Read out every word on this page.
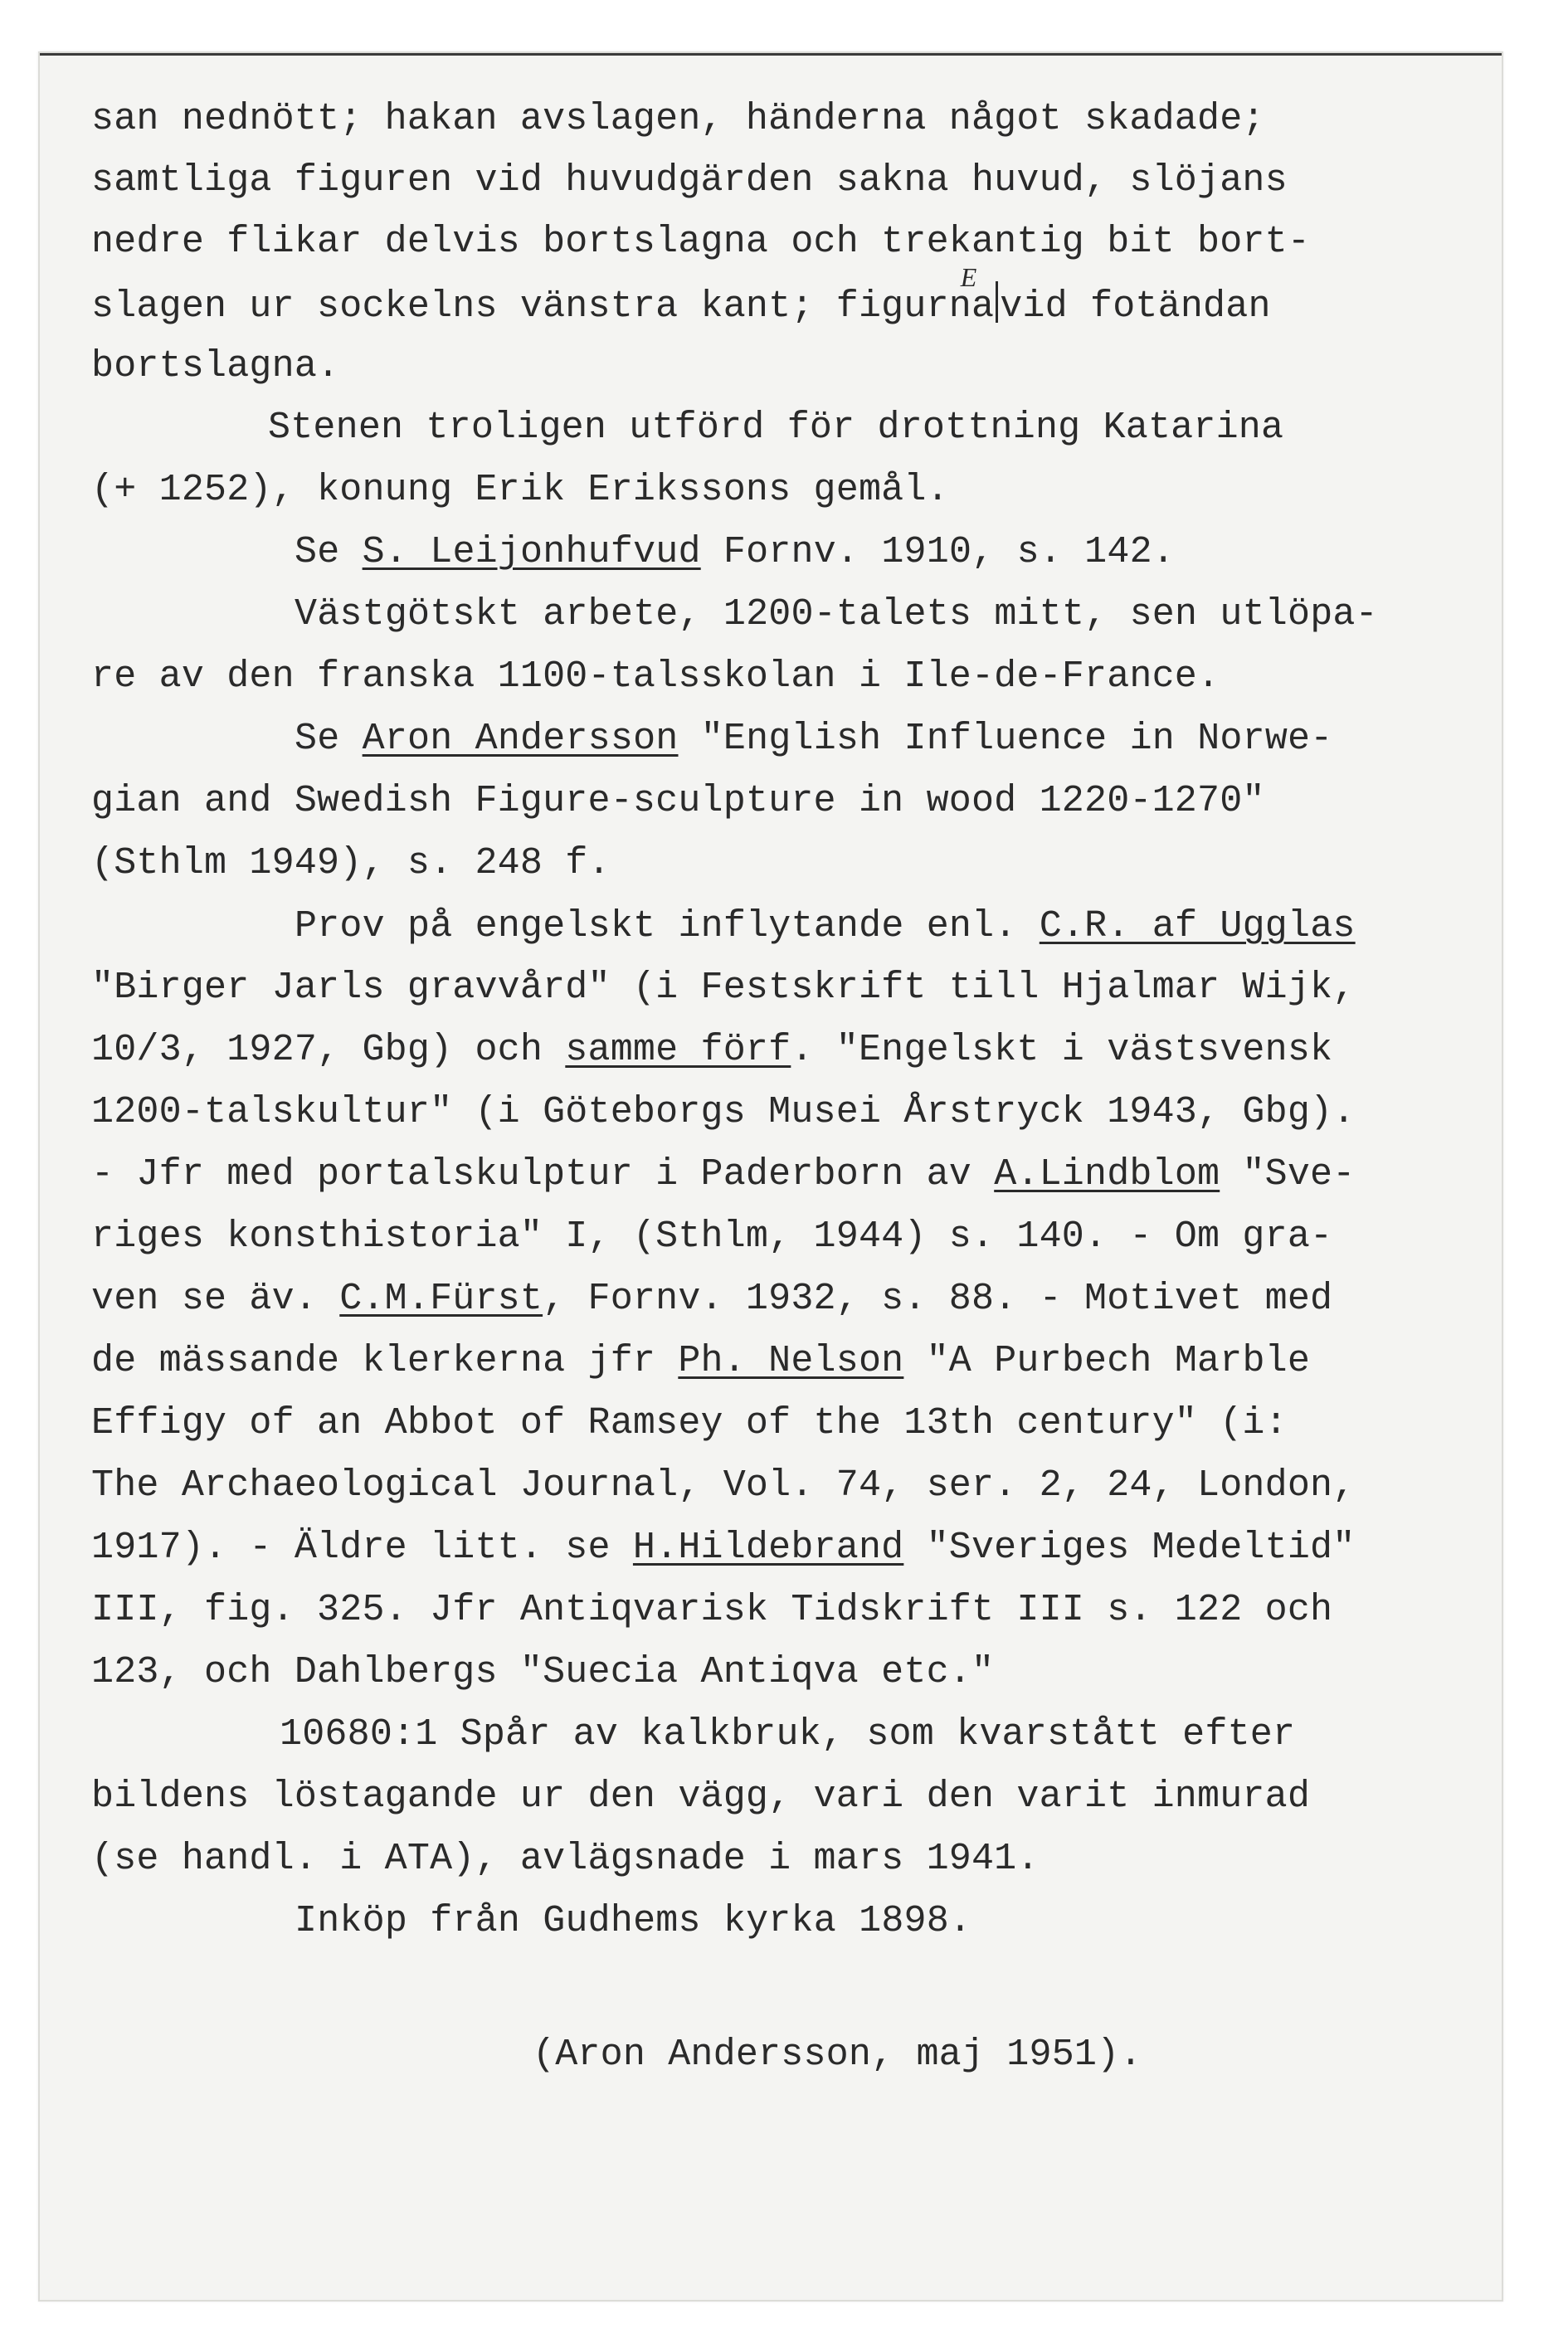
san nednött; hakan avslagen, händerna något skadade;
samtliga figuren vid huvudgärden sakna huvud, slöjans
nedre flikar delvis bortslagna och trekantig bit bort-
slagen ur sockelns vänstra kant; figur
E
na vid fotändan
bortslagna.
Stenen troligen utförd för drottning Katarina
(+ 1252), konung Erik Erikssons gemål.
Se S. Leijonhufvud Fornv. 1910, s. 142.
Västgötskt arbete, 1200-talets mitt, sen utlöpa-
re av den franska 1100-talsskolan i Ile-de-France.
Se Aron Andersson "English Influence in Norwe-
gian and Swedish Figure-sculpture in wood 1220-1270"
(Sthlm 1949), s. 248 f.
Prov på engelskt inflytande enl. C.R. af Ugglas
"Birger Jarls gravvård" (i Festskrift till Hjalmar Wijk,
10/3, 1927, Gbg) och samme förf. "Engelskt i västsvensk
1200-talskultur" (i Göteborgs Musei Årstryck 1943, Gbg).
- Jfr med portalskulptur i Paderborn av A.Lindblom "Sve-
riges konsthistoria" I, (Sthlm, 1944) s. 140. - Om gra-
ven se äv. C.M.Fürst, Fornv. 1932, s. 88. - Motivet med
de mässande klerkerna jfr Ph. Nelson "A Purbech Marble
Effigy of an Abbot of Ramsey of the 13th century" (i:
The Archaeological Journal, Vol. 74, ser. 2, 24, London,
1917). - Äldre litt. se H.Hildebrand "Sveriges Medeltid"
III, fig. 325. Jfr Antiqvarisk Tidskrift III s. 122 och
123, och Dahlbergs "Suecia Antiqva etc."
10680:1 Spår av kalkbruk, som kvarstått efter
bildens löstagande ur den vägg, vari den varit inmurad
(se handl. i ATA), avlägsnade i mars 1941.
Inköp från Gudhems kyrka 1898.
(Aron Andersson, maj 1951).
